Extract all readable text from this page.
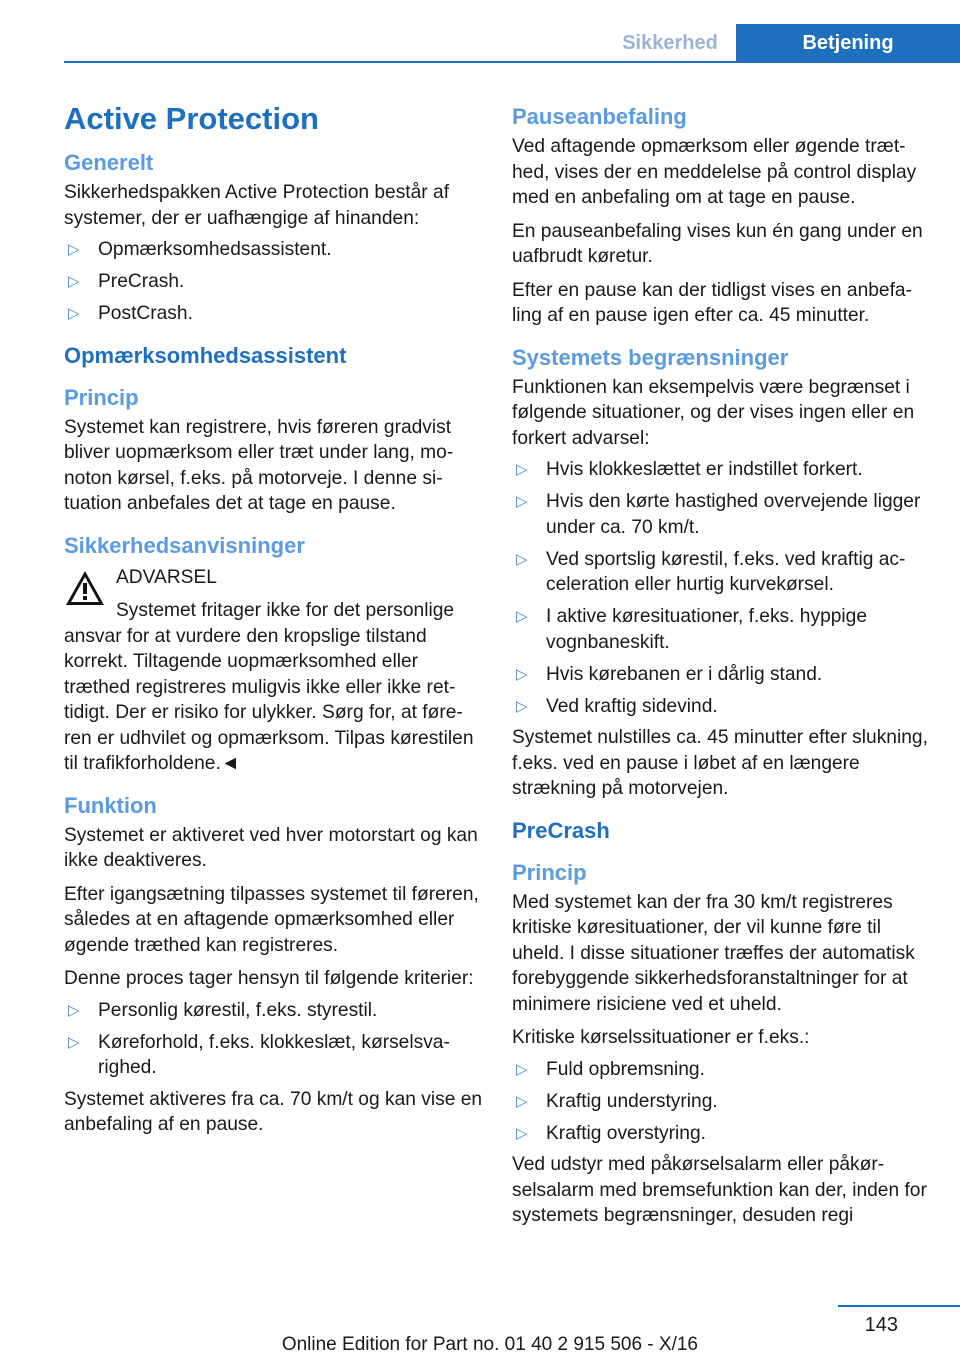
Sikkerhed	Betjening
Active Protection
Generelt

Sikkerhedspakken Active Protection består af systemer, der er uafhængige af hinanden:

▷ Opmærksomhedsassistent.
▷ PreCrash.
▷ PostCrash.
Opmærksomhedsassistent
Princip

Systemet kan registrere, hvis føreren gradvist bliver uopmærksom eller træt under lang, monoton kørsel, f.eks. på motorveje. I denne situation anbefales det at tage en pause.

Sikkerhedsanvisninger
ADVARSEL
Systemet fritager ikke for det personlige ansvar for at vurdere den kropslige tilstand korrekt. Tiltagende uopmærksomhed eller træthed registreres muligvis ikke eller ikke rettidigt. Der er risiko for ulykker. Sørg for, at føreren er udhvilet og opmærksom. Tilpas kørestilen til trafikforholdene.◄
Funktion

Systemet er aktiveret ved hver motorstart og kan ikke deaktiveres.

Efter igangsætning tilpasses systemet til føreren, således at en aftagende opmærksomhed eller øgende træthed kan registreres.

Denne proces tager hensyn til følgende kriterier:

▷ Personlig kørestil, f.eks. styrestil.
▷ Køreforhold, f.eks. klokkeslæt, kørselsvarighed.

Systemet aktiveres fra ca. 70 km/t og kan vise en anbefaling af en pause.

Pauseanbefaling

Ved aftagende opmærksom eller øgende træthed, vises der en meddelelse på control display med en anbefaling om at tage en pause.

En pauseanbefaling vises kun én gang under en uafbrudt køretur.

Efter en pause kan der tidligst vises en anbefaling af en pause igen efter ca. 45 minutter.

Systemets begrænsninger

Funktionen kan eksempelvis være begrænset i følgende situationer, og der vises ingen eller en forkert advarsel:

▷ Hvis klokkeslættet er indstillet forkert.
▷ Hvis den kørte hastighed overvejende ligger under ca. 70 km/t.
▷ Ved sportslig kørestil, f.eks. ved kraftig acceleration eller hurtig kurvekørsel.
▷ I aktive køresituationer, f.eks. hyppige vognbaneskift.
▷ Hvis kørebanen er i dårlig stand.
▷ Ved kraftig sidevind.

Systemet nulstilles ca. 45 minutter efter slukning, f.eks. ved en pause i løbet af en længere strækning på motorvejen.

PreCrash
Princip

Med systemet kan der fra 30 km/t registreres kritiske køresituationer, der vil kunne føre til uheld. I disse situationer træffes der automatisk forebyggende sikkerhedsforanstaltninger for at minimere risiciene ved et uheld.

Kritiske kørselssituationer er f.eks.:

▷ Fuld opbremsning.
▷ Kraftig understyring.
▷ Kraftig overstyring.

Ved udstyr med påkørselsalarm eller påkørselsalarm med bremsefunktion kan der, inden for systemets begrænsninger, desuden regi

143
Online Edition for Part no. 01 40 2 915 506 - X/16
